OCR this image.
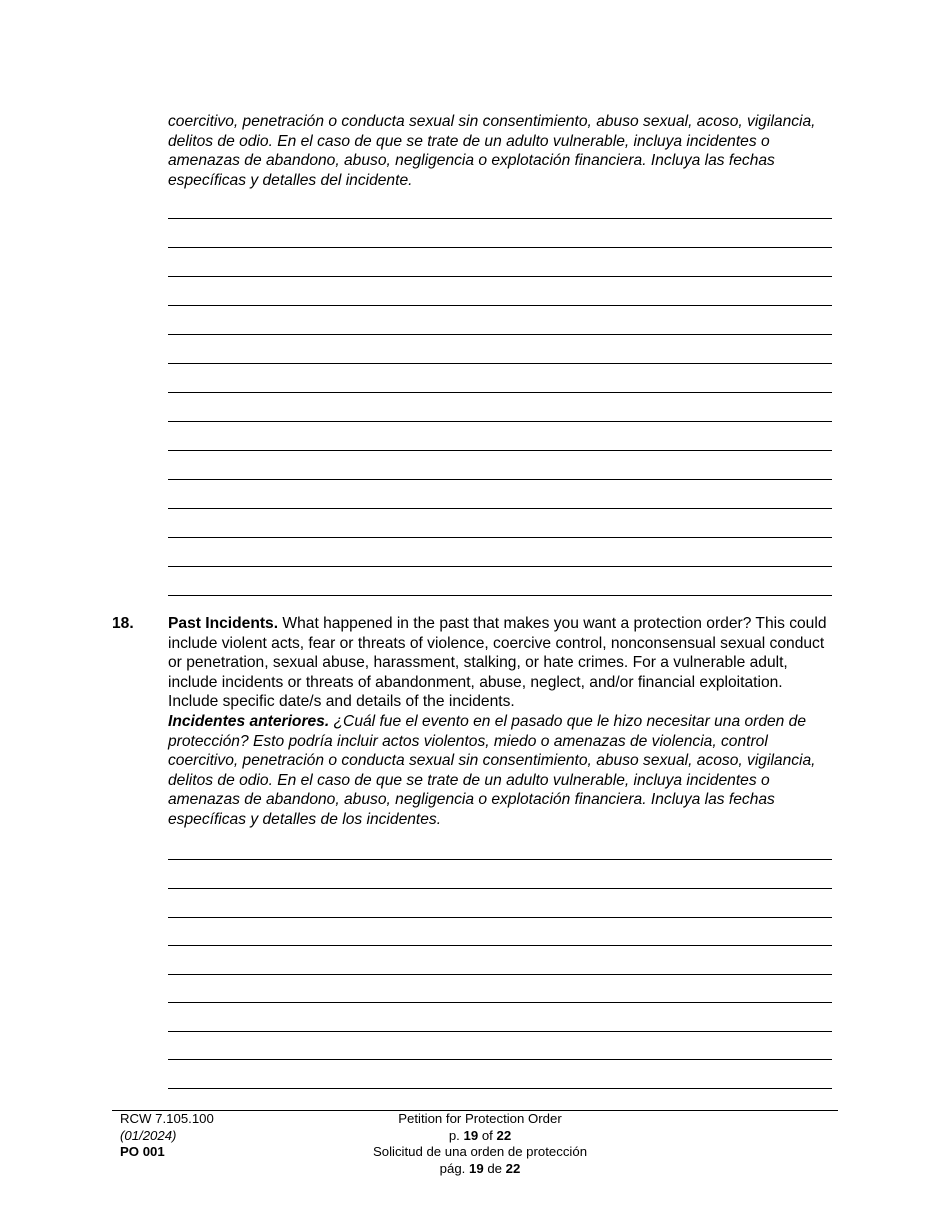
coercitivo, penetración o conducta sexual sin consentimiento, abuso sexual, acoso, vigilancia, delitos de odio. En el caso de que se trate de un adulto vulnerable, incluya incidentes o amenazas de abandono, abuso, negligencia o explotación financiera. Incluya las fechas específicas y detalles del incidente.
18. Past Incidents. What happened in the past that makes you want a protection order? This could include violent acts, fear or threats of violence, coercive control, nonconsensual sexual conduct or penetration, sexual abuse, harassment, stalking, or hate crimes. For a vulnerable adult, include incidents or threats of abandonment, abuse, neglect, and/or financial exploitation. Include specific date/s and details of the incidents.
Incidentes anteriores. ¿Cuál fue el evento en el pasado que le hizo necesitar una orden de protección? Esto podría incluir actos violentos, miedo o amenazas de violencia, control coercitivo, penetración o conducta sexual sin consentimiento, abuso sexual, acoso, vigilancia, delitos de odio. En el caso de que se trate de un adulto vulnerable, incluya incidentes o amenazas de abandono, abuso, negligencia o explotación financiera. Incluya las fechas específicas y detalles de los incidentes.
RCW 7.105.100
(01/2024)
PO 001
Petition for Protection Order
p. 19 of 22
Solicitud de una orden de protección
pág. 19 de 22
